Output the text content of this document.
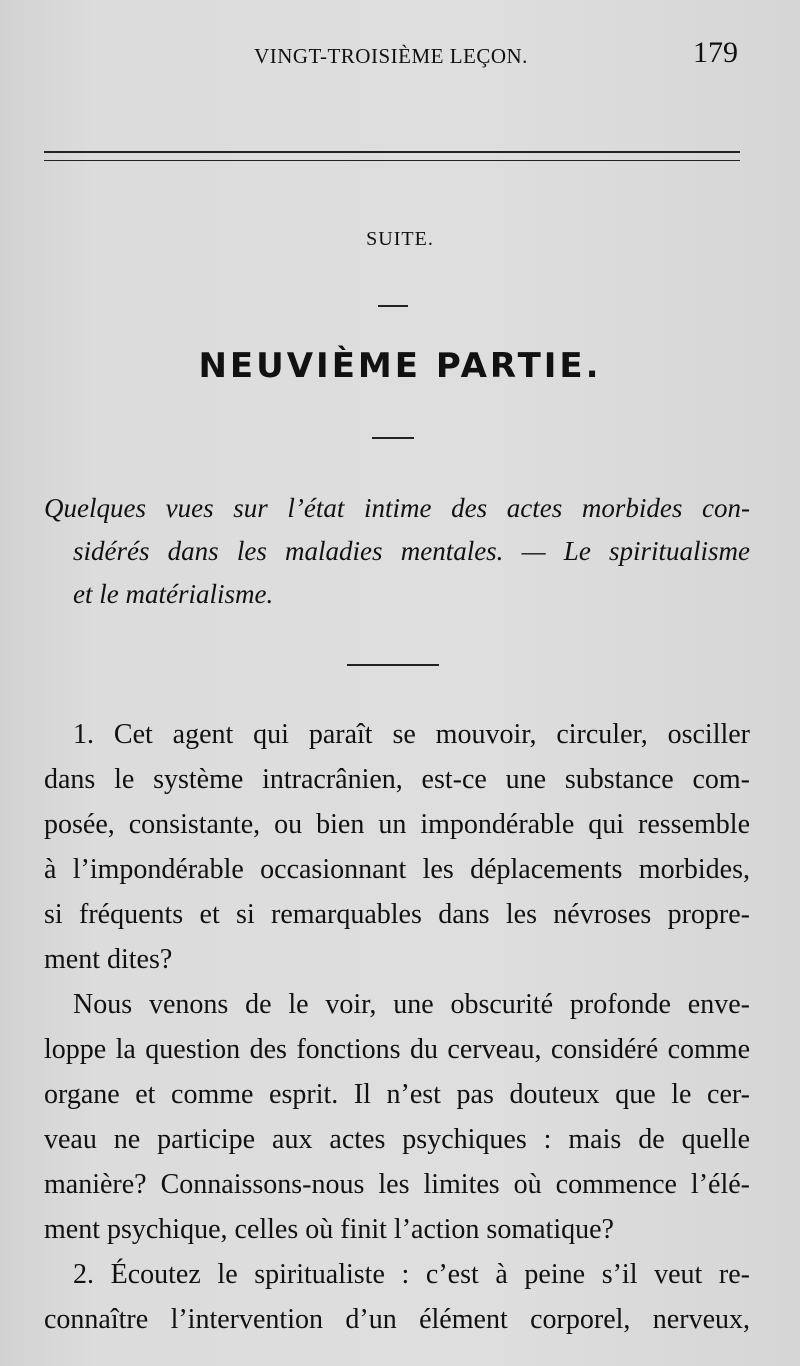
VINGT-TROISIÈME LEÇON.	179
SUITE.
NEUVIÈME PARTIE.
Quelques vues sur l’état intime des actes morbides con-
sidérés dans les maladies mentales. — Le spiritualisme
et le matérialisme.
1. Cet agent qui paraît se mouvoir, circuler, osciller
dans le système intracrânien, est-ce une substance com-
posée, consistante, ou bien un impondérable qui ressemble
à l’impondérable occasionnant les déplacements morbides,
si fréquents et si remarquables dans les névroses propre-
ment dites?
Nous venons de le voir, une obscurité profonde enve-
loppe la question des fonctions du cerveau, considéré comme
organe et comme esprit. Il n’est pas douteux que le cer-
veau ne participe aux actes psychiques : mais de quelle
manière? Connaissons-nous les limites où commence l’élé-
ment psychique, celles où finit l’action somatique?
2. Écoutez le spiritualiste : c’est à peine s’il veut re-
connaître l’intervention d’un élément corporel, nerveux,
